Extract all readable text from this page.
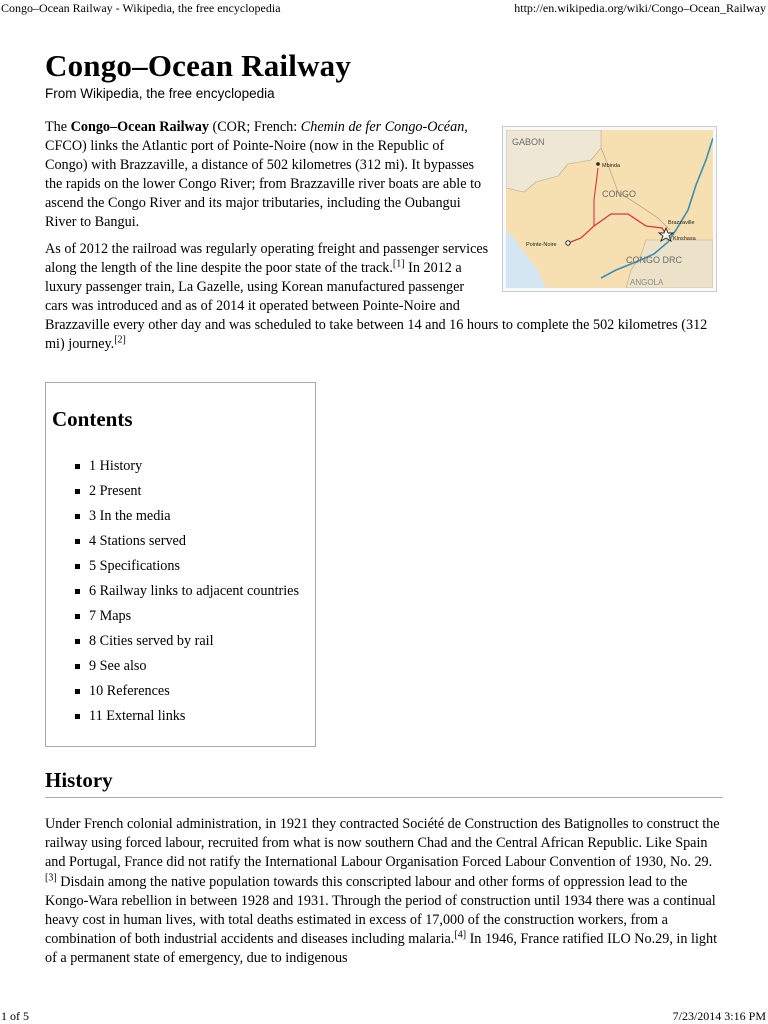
Congo–Ocean Railway - Wikipedia, the free encyclopedia	http://en.wikipedia.org/wiki/Congo–Ocean_Railway
Congo–Ocean Railway
From Wikipedia, the free encyclopedia
GABON
CONGO
CONGO DRC
ANGOLA
Mbinda
Brazzaville
Kinshasa
Pointe-Noire

The Congo–Ocean Railway (COR; French: Chemin de fer Congo-Océan, CFCO) links the Atlantic port of Pointe-Noire (now in the Republic of Congo) with Brazzaville, a distance of 502 kilometres (312 mi). It bypasses the rapids on the lower Congo River; from Brazzaville river boats are able to ascend the Congo River and its major tributaries, including the Oubangui River to Bangui.

As of 2012 the railroad was regularly operating freight and passenger services along the length of the line despite the poor state of the track.[1] In 2012 a luxury passenger train, La Gazelle, using Korean manufactured passenger cars was introduced and as of 2014 it operated between Pointe-Noire and Brazzaville every other day and was scheduled to take between 14 and 16 hours to complete the 502 kilometres (312 mi) journey.[2]

Contents
1 History
2 Present
3 In the media
4 Stations served
5 Specifications
6 Railway links to adjacent countries
7 Maps
8 Cities served by rail
9 See also
10 References
11 External links
History

Under French colonial administration, in 1921 they contracted Société de Construction des Batignolles to construct the railway using forced labour, recruited from what is now southern Chad and the Central African Republic. Like Spain and Portugal, France did not ratify the International Labour Organisation Forced Labour Convention of 1930, No. 29.[3] Disdain among the native population towards this conscripted labour and other forms of oppression lead to the Kongo-Wara rebellion in between 1928 and 1931. Through the period of construction until 1934 there was a continual heavy cost in human lives, with total deaths estimated in excess of 17,000 of the construction workers, from a combination of both industrial accidents and diseases including malaria.[4] In 1946, France ratified ILO No.29, in light of a permanent state of emergency, due to indigenous

1 of 5	7/23/2014 3:16 PM
